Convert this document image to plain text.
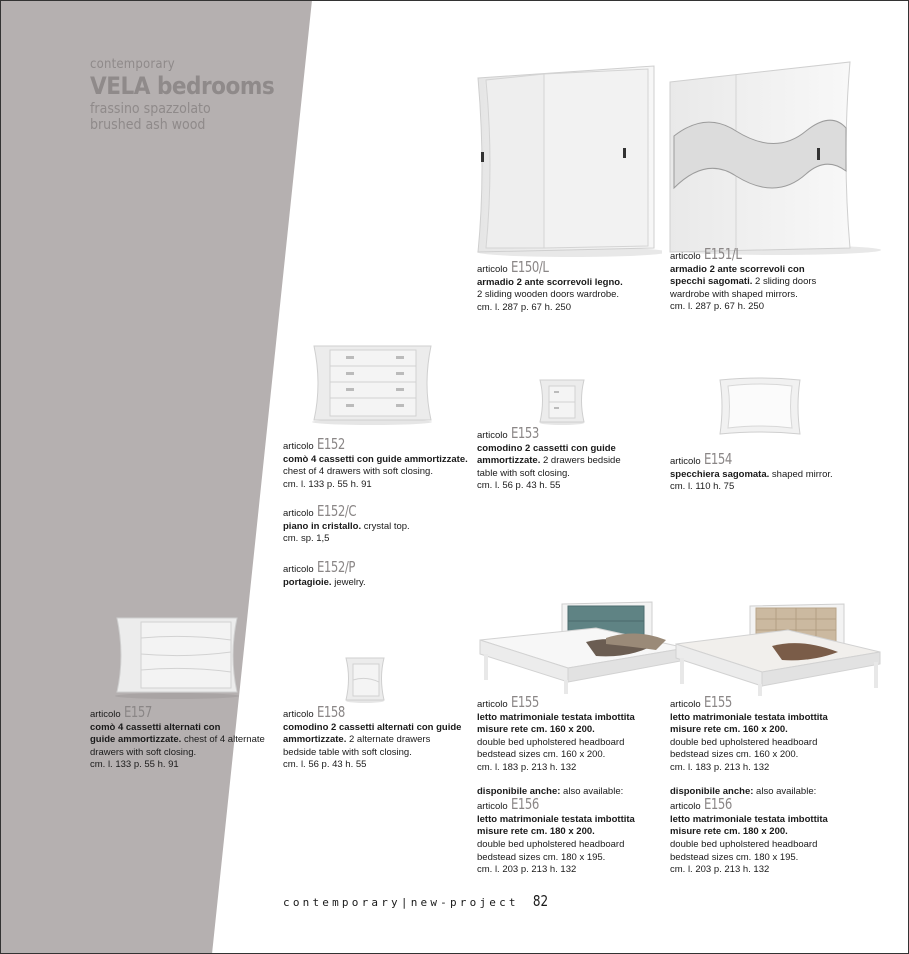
contemporary
VELA bedrooms
frassino spazzolato
brushed ash wood
articolo E150/L
armadio 2 ante scorrevoli legno.
2 sliding wooden doors wardrobe.
cm. l. 287 p. 67 h. 250
articolo E151/L
armadio 2 ante scorrevoli con
specchi sagomati. 2 sliding doors
wardrobe with shaped mirrors.
cm. l. 287 p. 67 h. 250
articolo E152
comò 4 cassetti con guide ammortizzate.
chest of 4 drawers with soft closing.
cm. l. 133 p. 55 h. 91
articolo E152/C
piano in cristallo. crystal top.
cm. sp. 1,5
articolo E152/P
portagioie. jewelry.
articolo E153
comodino 2 cassetti con guide
ammortizzate. 2 drawers bedside
table with soft closing.
cm. l. 56 p. 43 h. 55
articolo E154
specchiera sagomata. shaped mirror.
cm. l. 110 h. 75
articolo E157
comò 4 cassetti alternati con
guide ammortizzate. chest of 4 alternate
drawers with soft closing.
cm. l. 133 p. 55 h. 91
articolo E158
comodino 2 cassetti alternati con guide
ammortizzate. 2 alternate drawers
bedside table with soft closing.
cm. l. 56 p. 43 h. 55
articolo E155
letto matrimoniale testata imbottita
misure rete cm. 160 x 200.
double bed upholstered headboard
bedstead sizes cm. 160 x 200.
cm. l. 183 p. 213 h. 132
disponibile anche: also available:
articolo E156
letto matrimoniale testata imbottita
misure rete cm. 180 x 200.
double bed upholstered headboard
bedstead sizes cm. 180 x 195.
cm. l. 203 p. 213 h. 132
articolo E155
letto matrimoniale testata imbottita
misure rete cm. 160 x 200.
double bed upholstered headboard
bedstead sizes cm. 160 x 200.
cm. l. 183 p. 213 h. 132
disponibile anche: also available:
articolo E156
letto matrimoniale testata imbottita
misure rete cm. 180 x 200.
double bed upholstered headboard
bedstead sizes cm. 180 x 195.
cm. l. 203 p. 213 h. 132
contemporary|new-project 82
